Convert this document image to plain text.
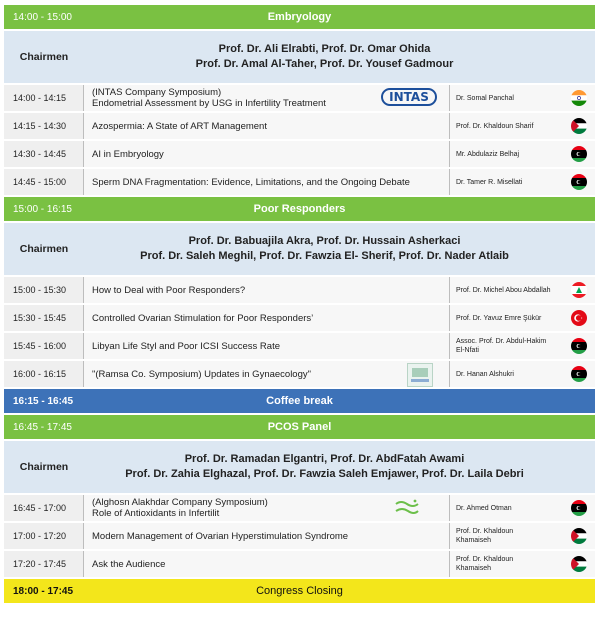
14:00 - 15:00	Embryology
Chairmen
Prof. Dr. Ali Elrabti, Prof. Dr. Omar Ohida
Prof. Dr. Amal Al-Taher, Prof. Dr. Yousef Gadmour
14:00 - 14:15	(INTAS Company Symposium)
Endometrial Assessment by USG in Infertility Treatment	INTAS	Dr. Somal Panchal
14:15 - 14:30	Azospermia: A State of ART Management	Prof. Dr. Khaldoun Sharif
14:30 - 14:45	AI in Embryology	Mr. Abdulaziz Belhaj
14:45 - 15:00	Sperm DNA Fragmentation: Evidence, Limitations, and the Ongoing Debate	Dr. Tamer R. Misellati
15:00 - 16:15	Poor Responders
Chairmen
Prof. Dr. Babuajila Akra, Prof. Dr. Hussain Asherkaci
Prof. Dr. Saleh Meghil, Prof. Dr. Fawzia El- Sherif, Prof. Dr. Nader Atlaib
15:00 - 15:30	How to Deal with Poor Responders?	Prof. Dr. Michel Abou Abdallah
15:30 - 15:45	Controlled Ovarian Stimulation for Poor Responders’	Prof. Dr. Yavuz Emre Şükür
15:45 - 16:00	Libyan Life Styl and Poor ICSI Success Rate	Assoc. Prof. Dr. Abdul-Hakim
El-Nfati
16:00 - 16:15	"(Ramsa Co. Symposium) Updates in Gynaecology"	Dr. Hanan Alshukri
16:15 - 16:45	Coffee break
16:45 - 17:45	PCOS Panel
Chairmen
Prof. Dr. Ramadan Elgantri, Prof. Dr. AbdFatah Awami
Prof. Dr. Zahia Elghazal, Prof. Dr. Fawzia Saleh Emjawer, Prof. Dr. Laila Debri
16:45 - 17:00	(Alghosn Alakhdar Company Symposium)
Role of Antioxidants in Infertilit	Dr. Ahmed Otman
17:00 - 17:20	Modern Management of Ovarian Hyperstimulation Syndrome	Prof. Dr. Khaldoun
Khamaiseh
17:20 - 17:45	Ask the Audience	Prof. Dr. Khaldoun
Khamaiseh
18:00 - 17:45	Congress Closing
